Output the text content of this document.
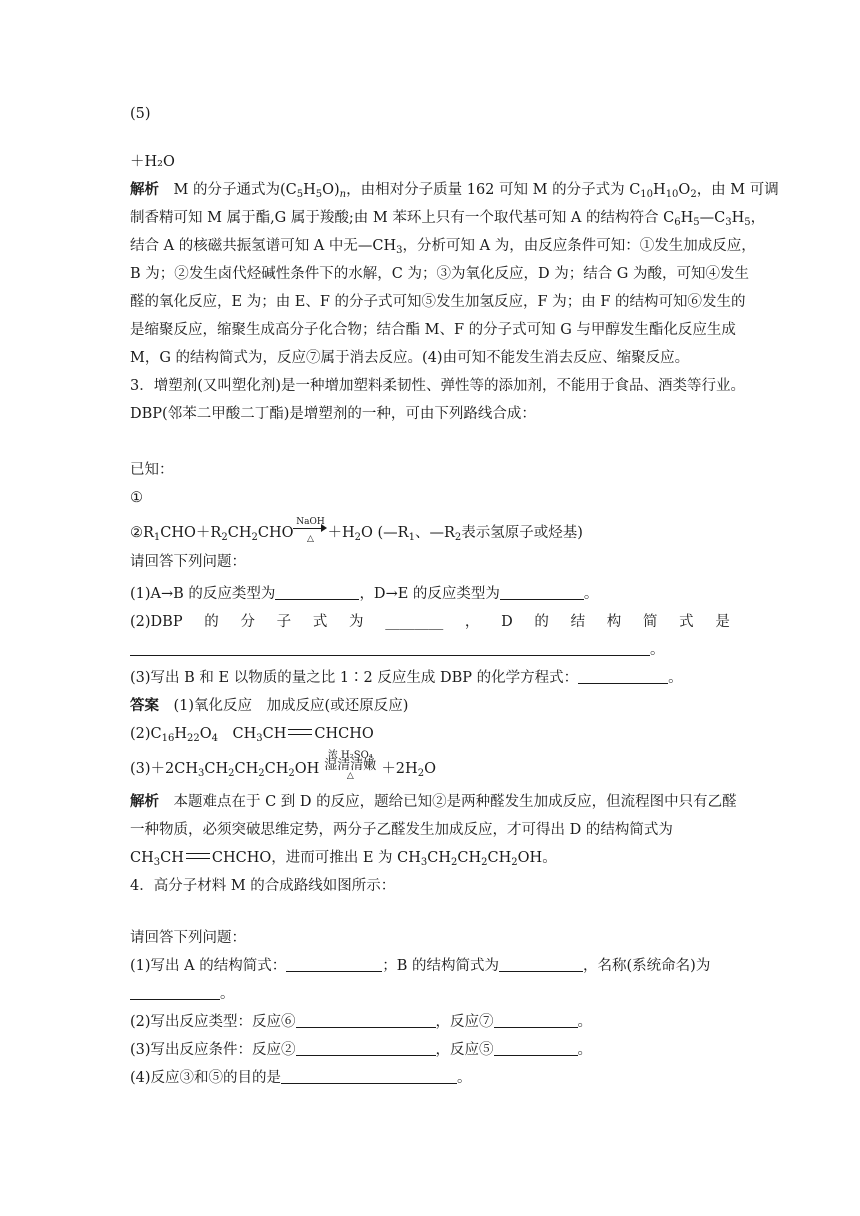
(5)
＋H₂O
解析　 M 的分子通式为$(C_5H_5O)_n$，由相对分子质量 162 可知 M 的分子式为 $C_{10}H_{10}O_2$，由 M 可调
制香精可知 M 属于酯,G 属于羧酸;由 M 苯环上只有一个取代基可知 A 的结构符合 $C_6H_5—C_3H_5$，
结合 A 的核磁共振氢谱可知 A 中无$—CH_3$，分析可知 A 为，由反应条件可知：①发生加成反应，
B 为；②发生卤代烃碱性条件下的水解，C 为；③为氧化反应，D 为；结合 G 为酸，可知④发生
醛的氧化反应，E 为；由 E、F 的分子式可知⑤发生加氢反应，F 为；由 F 的结构可知⑥发生的
是缩聚反应，缩聚生成高分子化合物；结合酯 M、F 的分子式可知 G 与甲醇发生酯化反应生成
M，G 的结构简式为，反应⑦属于消去反应。(4)由可知不能发生消去反应、缩聚反应。
3．增塑剂(又叫塑化剂)是一种增加塑料柔韧性、弹性等的添加剂，不能用于食品、酒类等行业。
DBP(邻苯二甲酸二丁酯)是增塑剂的一种，可由下列路线合成：
已知：
①
$②R_1CHO+R_2CH_2CHO$
NaOH
△ $+H_2O$ ($—R_1$、$—R_2$表示氢原子或烃基)
请回答下列问题：
(1)A→B 的反应类型为	，D→E 的反应类型为	。
(2)DBP 的 分 子 式 为 ________ ， D 的 结 构 简 式 是
。
(3)写出 B 和 E 以物质的量之比 1∶2 反应生成 DBP 的化学方程式：	。
答案　 (1)氧化反应　加成反应(或还原反应)
$(2)C_{16}H_{22}O_4$　$CH_3CH$ CHCHO
$(3)+2CH_3CH_2CH_2CH_2OH$
浓 H₂SO₄
湿清清嫩
△	$+2H_2O$
解析　 本题难点在于 C 到 D 的反应，题给已知②是两种醛发生加成反应，但流程图中只有乙醛
一种物质，必须突破思维定势，两分子乙醛发生加成反应，才可得出 D 的结构简式为
$CH_3CH$ CHCHO，进而可推出 E 为 $CH_3CH_2CH_2CH_2OH$。
4．高分子材料 M 的合成路线如图所示：
请回答下列问题：
(1)写出 A 的结构简式：	；B 的结构简式为	，名称(系统命名)为
。
(2)写出反应类型：反应⑥	，反应⑦	。
(3)写出反应条件：反应②	，反应⑤	。
(4)反应③和⑤的目的是	。
